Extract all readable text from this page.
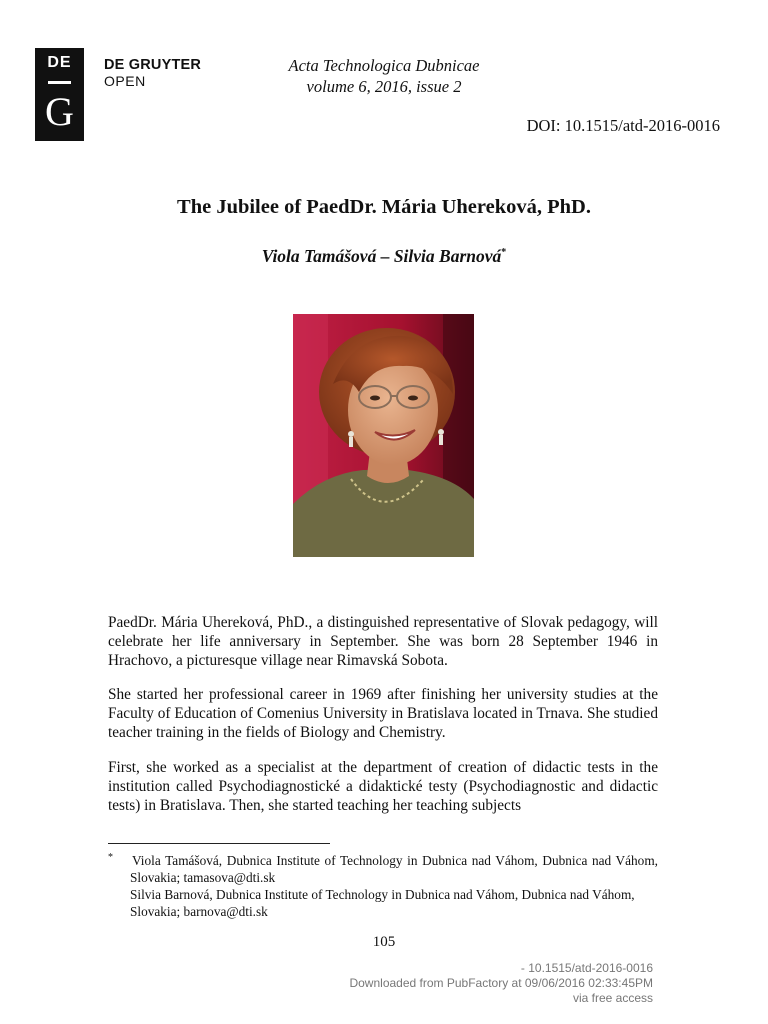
DE
G
DE GRUYTER
OPEN
Acta Technologica Dubnicae
volume 6, 2016, issue 2
DOI: 10.1515/atd-2016-0016
The Jubilee of PaedDr. Mária Uhereková, PhD.
Viola Tamášová – Silvia Barnová*

PaedDr. Mária Uhereková, PhD., a distinguished representative of Slovak pedagogy, will celebrate her life anniversary in September. She was born 28 September 1946 in Hrachovo, a picturesque village near Rimavská Sobota.

She started her professional career in 1969 after finishing her university studies at the Faculty of Education of Comenius University in Bratislava located in Trnava. She studied teacher training in the fields of Biology and Chemistry.

First, she worked as a specialist at the department of creation of didactic tests in the institution called Psychodiagnostické a didaktické testy (Psychodiagnostic and didactic tests) in Bratislava. Then, she started teaching her teaching subjects

* Viola Tamášová, Dubnica Institute of Technology in Dubnica nad Váhom, Dubnica nad Váhom, Slovakia; tamasova@dti.sk
Silvia Barnová, Dubnica Institute of Technology in Dubnica nad Váhom, Dubnica nad Váhom, Slovakia; barnova@dti.sk
105
- 10.1515/atd-2016-0016
Downloaded from PubFactory at 09/06/2016 02:33:45PM
via free access
